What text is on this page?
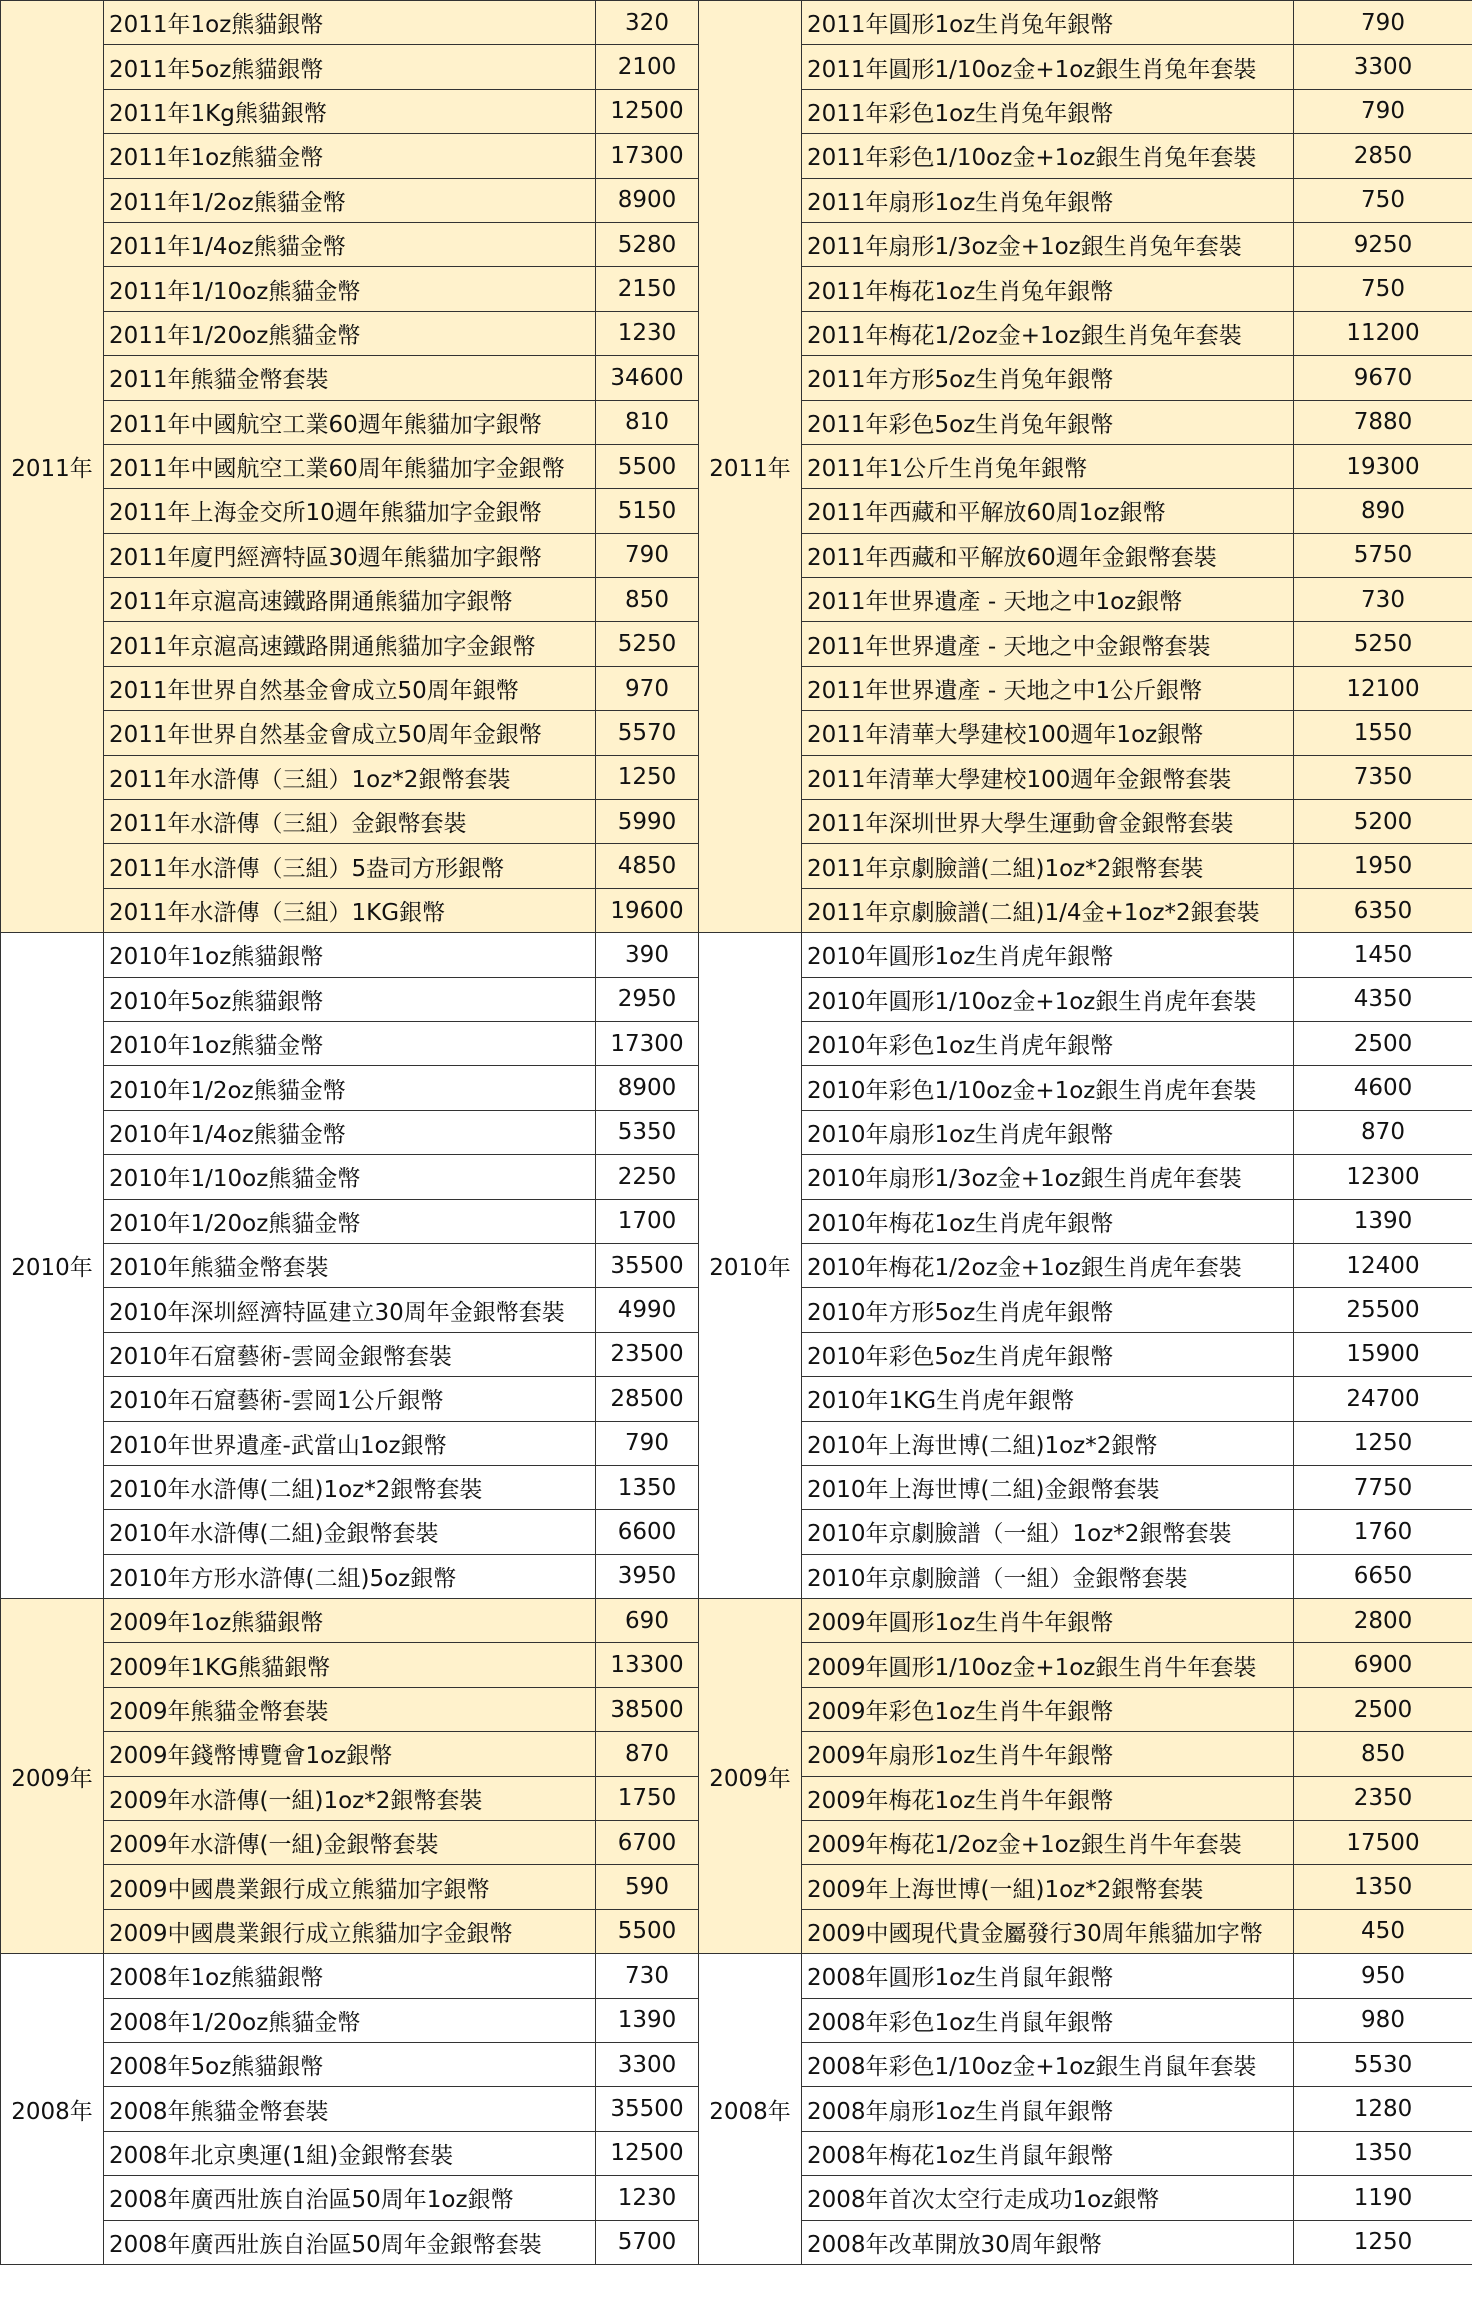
2011年	2011年1oz熊貓銀幣	320	2011年	2011年圓形1oz生肖兔年銀幣	790
	2011年5oz熊貓銀幣	2100		2011年圓形1/10oz金+1oz銀生肖兔年套裝	3300
	2011年1Kg熊貓銀幣	12500		2011年彩色1oz生肖兔年銀幣	790
	2011年1oz熊貓金幣	17300		2011年彩色1/10oz金+1oz銀生肖兔年套裝	2850
	2011年1/2oz熊貓金幣	8900		2011年扇形1oz生肖兔年銀幣	750
	2011年1/4oz熊貓金幣	5280		2011年扇形1/3oz金+1oz銀生肖兔年套裝	9250
	2011年1/10oz熊貓金幣	2150		2011年梅花1oz生肖兔年銀幣	750
	2011年1/20oz熊貓金幣	1230		2011年梅花1/2oz金+1oz銀生肖兔年套裝	11200
	2011年熊貓金幣套裝	34600		2011年方形5oz生肖兔年銀幣	9670
	2011年中國航空工業60週年熊貓加字銀幣	810		2011年彩色5oz生肖兔年銀幣	7880
	2011年中國航空工業60周年熊貓加字金銀幣	5500		2011年1公斤生肖兔年銀幣	19300
	2011年上海金交所10週年熊貓加字金銀幣	5150		2011年西藏和平解放60周1oz銀幣	890
	2011年廈門經濟特區30週年熊貓加字銀幣	790		2011年西藏和平解放60週年金銀幣套裝	5750
	2011年京滬高速鐵路開通熊貓加字銀幣	850		2011年世界遺產 - 天地之中1oz銀幣	730
	2011年京滬高速鐵路開通熊貓加字金銀幣	5250		2011年世界遺產 - 天地之中金銀幣套裝	5250
	2011年世界自然基金會成立50周年銀幣	970		2011年世界遺產 - 天地之中1公斤銀幣	12100
	2011年世界自然基金會成立50周年金銀幣	5570		2011年清華大學建校100週年1oz銀幣	1550
	2011年水滸傳（三組）1oz*2銀幣套裝	1250		2011年清華大學建校100週年金銀幣套裝	7350
	2011年水滸傳（三組）金銀幣套裝	5990		2011年深圳世界大學生運動會金銀幣套裝	5200
	2011年水滸傳（三組）5盎司方形銀幣	4850		2011年京劇臉譜(二組)1oz*2銀幣套裝	1950
	2011年水滸傳（三組）1KG銀幣	19600		2011年京劇臉譜(二組)1/4金+1oz*2銀套裝	6350
2010年	2010年1oz熊貓銀幣	390	2010年	2010年圓形1oz生肖虎年銀幣	1450
	2010年5oz熊貓銀幣	2950		2010年圓形1/10oz金+1oz銀生肖虎年套裝	4350
	2010年1oz熊貓金幣	17300		2010年彩色1oz生肖虎年銀幣	2500
	2010年1/2oz熊貓金幣	8900		2010年彩色1/10oz金+1oz銀生肖虎年套裝	4600
	2010年1/4oz熊貓金幣	5350		2010年扇形1oz生肖虎年銀幣	870
	2010年1/10oz熊貓金幣	2250		2010年扇形1/3oz金+1oz銀生肖虎年套裝	12300
	2010年1/20oz熊貓金幣	1700		2010年梅花1oz生肖虎年銀幣	1390
	2010年熊貓金幣套裝	35500		2010年梅花1/2oz金+1oz銀生肖虎年套裝	12400
	2010年深圳經濟特區建立30周年金銀幣套裝	4990		2010年方形5oz生肖虎年銀幣	25500
	2010年石窟藝術-雲岡金銀幣套裝	23500		2010年彩色5oz生肖虎年銀幣	15900
	2010年石窟藝術-雲岡1公斤銀幣	28500		2010年1KG生肖虎年銀幣	24700
	2010年世界遺產-武當山1oz銀幣	790		2010年上海世博(二組)1oz*2銀幣	1250
	2010年水滸傳(二組)1oz*2銀幣套裝	1350		2010年上海世博(二組)金銀幣套裝	7750
	2010年水滸傳(二組)金銀幣套裝	6600		2010年京劇臉譜（一組）1oz*2銀幣套裝	1760
	2010年方形水滸傳(二組)5oz銀幣	3950		2010年京劇臉譜（一組）金銀幣套裝	6650
2009年	2009年1oz熊貓銀幣	690	2009年	2009年圓形1oz生肖牛年銀幣	2800
	2009年1KG熊貓銀幣	13300		2009年圓形1/10oz金+1oz銀生肖牛年套裝	6900
	2009年熊貓金幣套裝	38500		2009年彩色1oz生肖牛年銀幣	2500
	2009年錢幣博覽會1oz銀幣	870		2009年扇形1oz生肖牛年銀幣	850
	2009年水滸傳(一組)1oz*2銀幣套裝	1750		2009年梅花1oz生肖牛年銀幣	2350
	2009年水滸傳(一組)金銀幣套裝	6700		2009年梅花1/2oz金+1oz銀生肖牛年套裝	17500
	2009中國農業銀行成立熊貓加字銀幣	590		2009年上海世博(一組)1oz*2銀幣套裝	1350
	2009中國農業銀行成立熊貓加字金銀幣	5500		2009中國現代貴金屬發行30周年熊貓加字幣	450
2008年	2008年1oz熊貓銀幣	730	2008年	2008年圓形1oz生肖鼠年銀幣	950
	2008年1/20oz熊貓金幣	1390		2008年彩色1oz生肖鼠年銀幣	980
	2008年5oz熊貓銀幣	3300		2008年彩色1/10oz金+1oz銀生肖鼠年套裝	5530
	2008年熊貓金幣套裝	35500		2008年扇形1oz生肖鼠年銀幣	1280
	2008年北京奧運(1組)金銀幣套裝	12500		2008年梅花1oz生肖鼠年銀幣	1350
	2008年廣西壯族自治區50周年1oz銀幣	1230		2008年首次太空行走成功1oz銀幣	1190
	2008年廣西壯族自治區50周年金銀幣套裝	5700		2008年改革開放30周年銀幣	1250
